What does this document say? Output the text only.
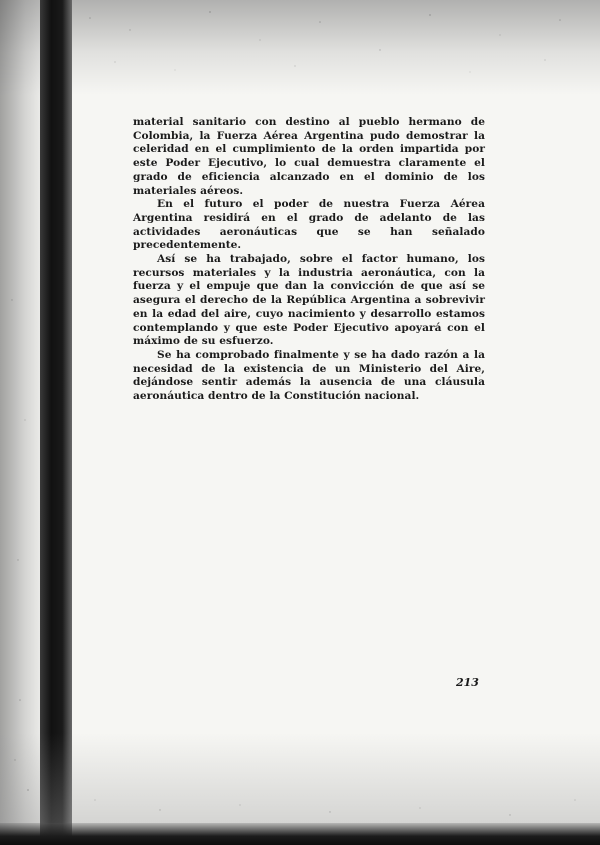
material sanitario con destino al pueblo hermano de Colombia, la Fuerza Aérea Argentina pudo demostrar la celeridad en el cumplimiento de la orden impartida por este Poder Ejecutivo, lo cual demuestra claramente el grado de eficiencia alcanzado en el dominio de los materiales aéreos.

En el futuro el poder de nuestra Fuerza Aérea Argentina residirá en el grado de adelanto de las actividades aeronáuticas que se han señalado precedentemente.

Así se ha trabajado, sobre el factor humano, los recursos materiales y la industria aeronáutica, con la fuerza y el empuje que dan la convicción de que así se asegura el derecho de la República Argentina a sobrevivir en la edad del aire, cuyo nacimiento y desarrollo estamos contemplando y que este Poder Ejecutivo apoyará con el máximo de su esfuerzo.

Se ha comprobado finalmente y se ha dado razón a la necesidad de la existencia de un Ministerio del Aire, dejándose sentir además la ausencia de una cláusula aeronáutica dentro de la Constitución nacional.

213
